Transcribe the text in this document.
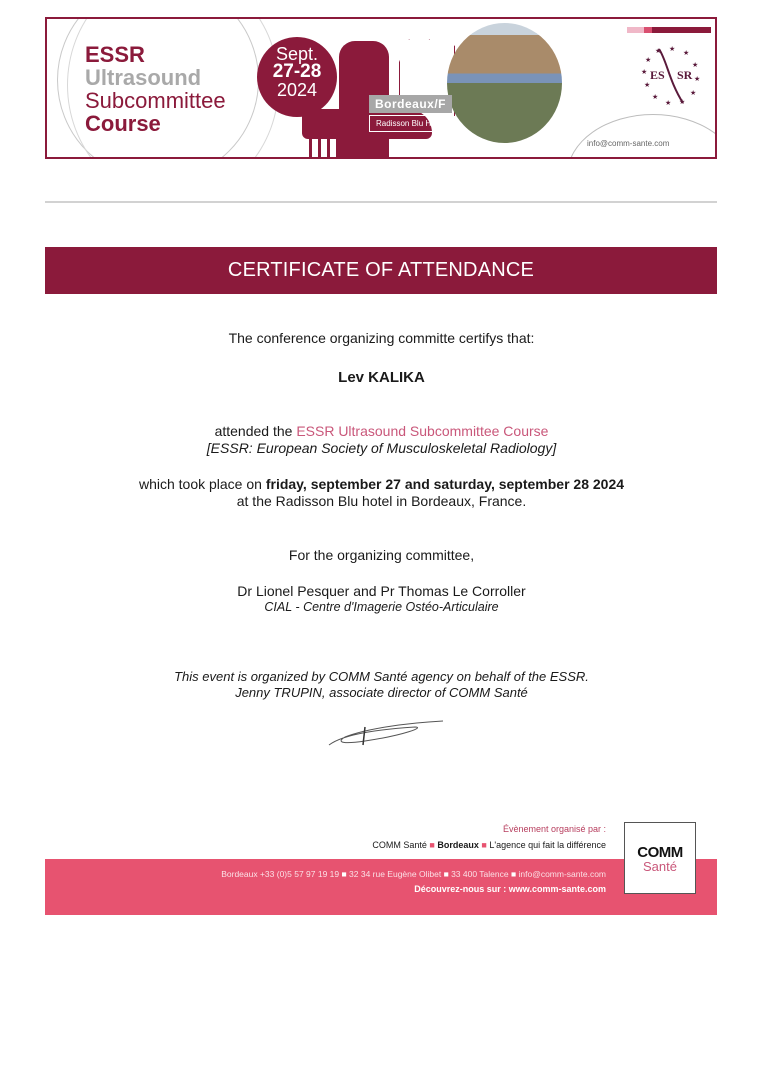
ESSR
Ultrasound
Subcommittee
Course
Sept.
27-28
2024
Bordeaux/F
Radisson Blu Hotel
★
★
★
★
★
★
★
★
★
★
★
★
ES SR
info@comm-sante.com
CERTIFICATE OF ATTENDANCE
The conference organizing committe certifys that:
Lev KALIKA
attended the ESSR Ultrasound Subcommittee Course
[ESSR: European Society of Musculoskeletal Radiology]
which took place on friday, september 27 and saturday, september 28 2024
at the Radisson Blu hotel in Bordeaux, France.
For the organizing committee,
Dr Lionel Pesquer and Pr Thomas Le Corroller
CIAL - Centre d'Imagerie Ostéo-Articulaire
This event is organized by COMM Santé agency on behalf of the ESSR.
Jenny TRUPIN, associate director of COMM Santé
Évènement organisé par :
COMM Santé ■ Bordeaux ■ L'agence qui fait la différence
Bordeaux +33 (0)5 57 97 19 19 ■ 32 34 rue Eugène Olibet ■ 33 400 Talence ■ info@comm-sante.com
Découvrez-nous sur : www.comm-sante.com
COMM
Santé
